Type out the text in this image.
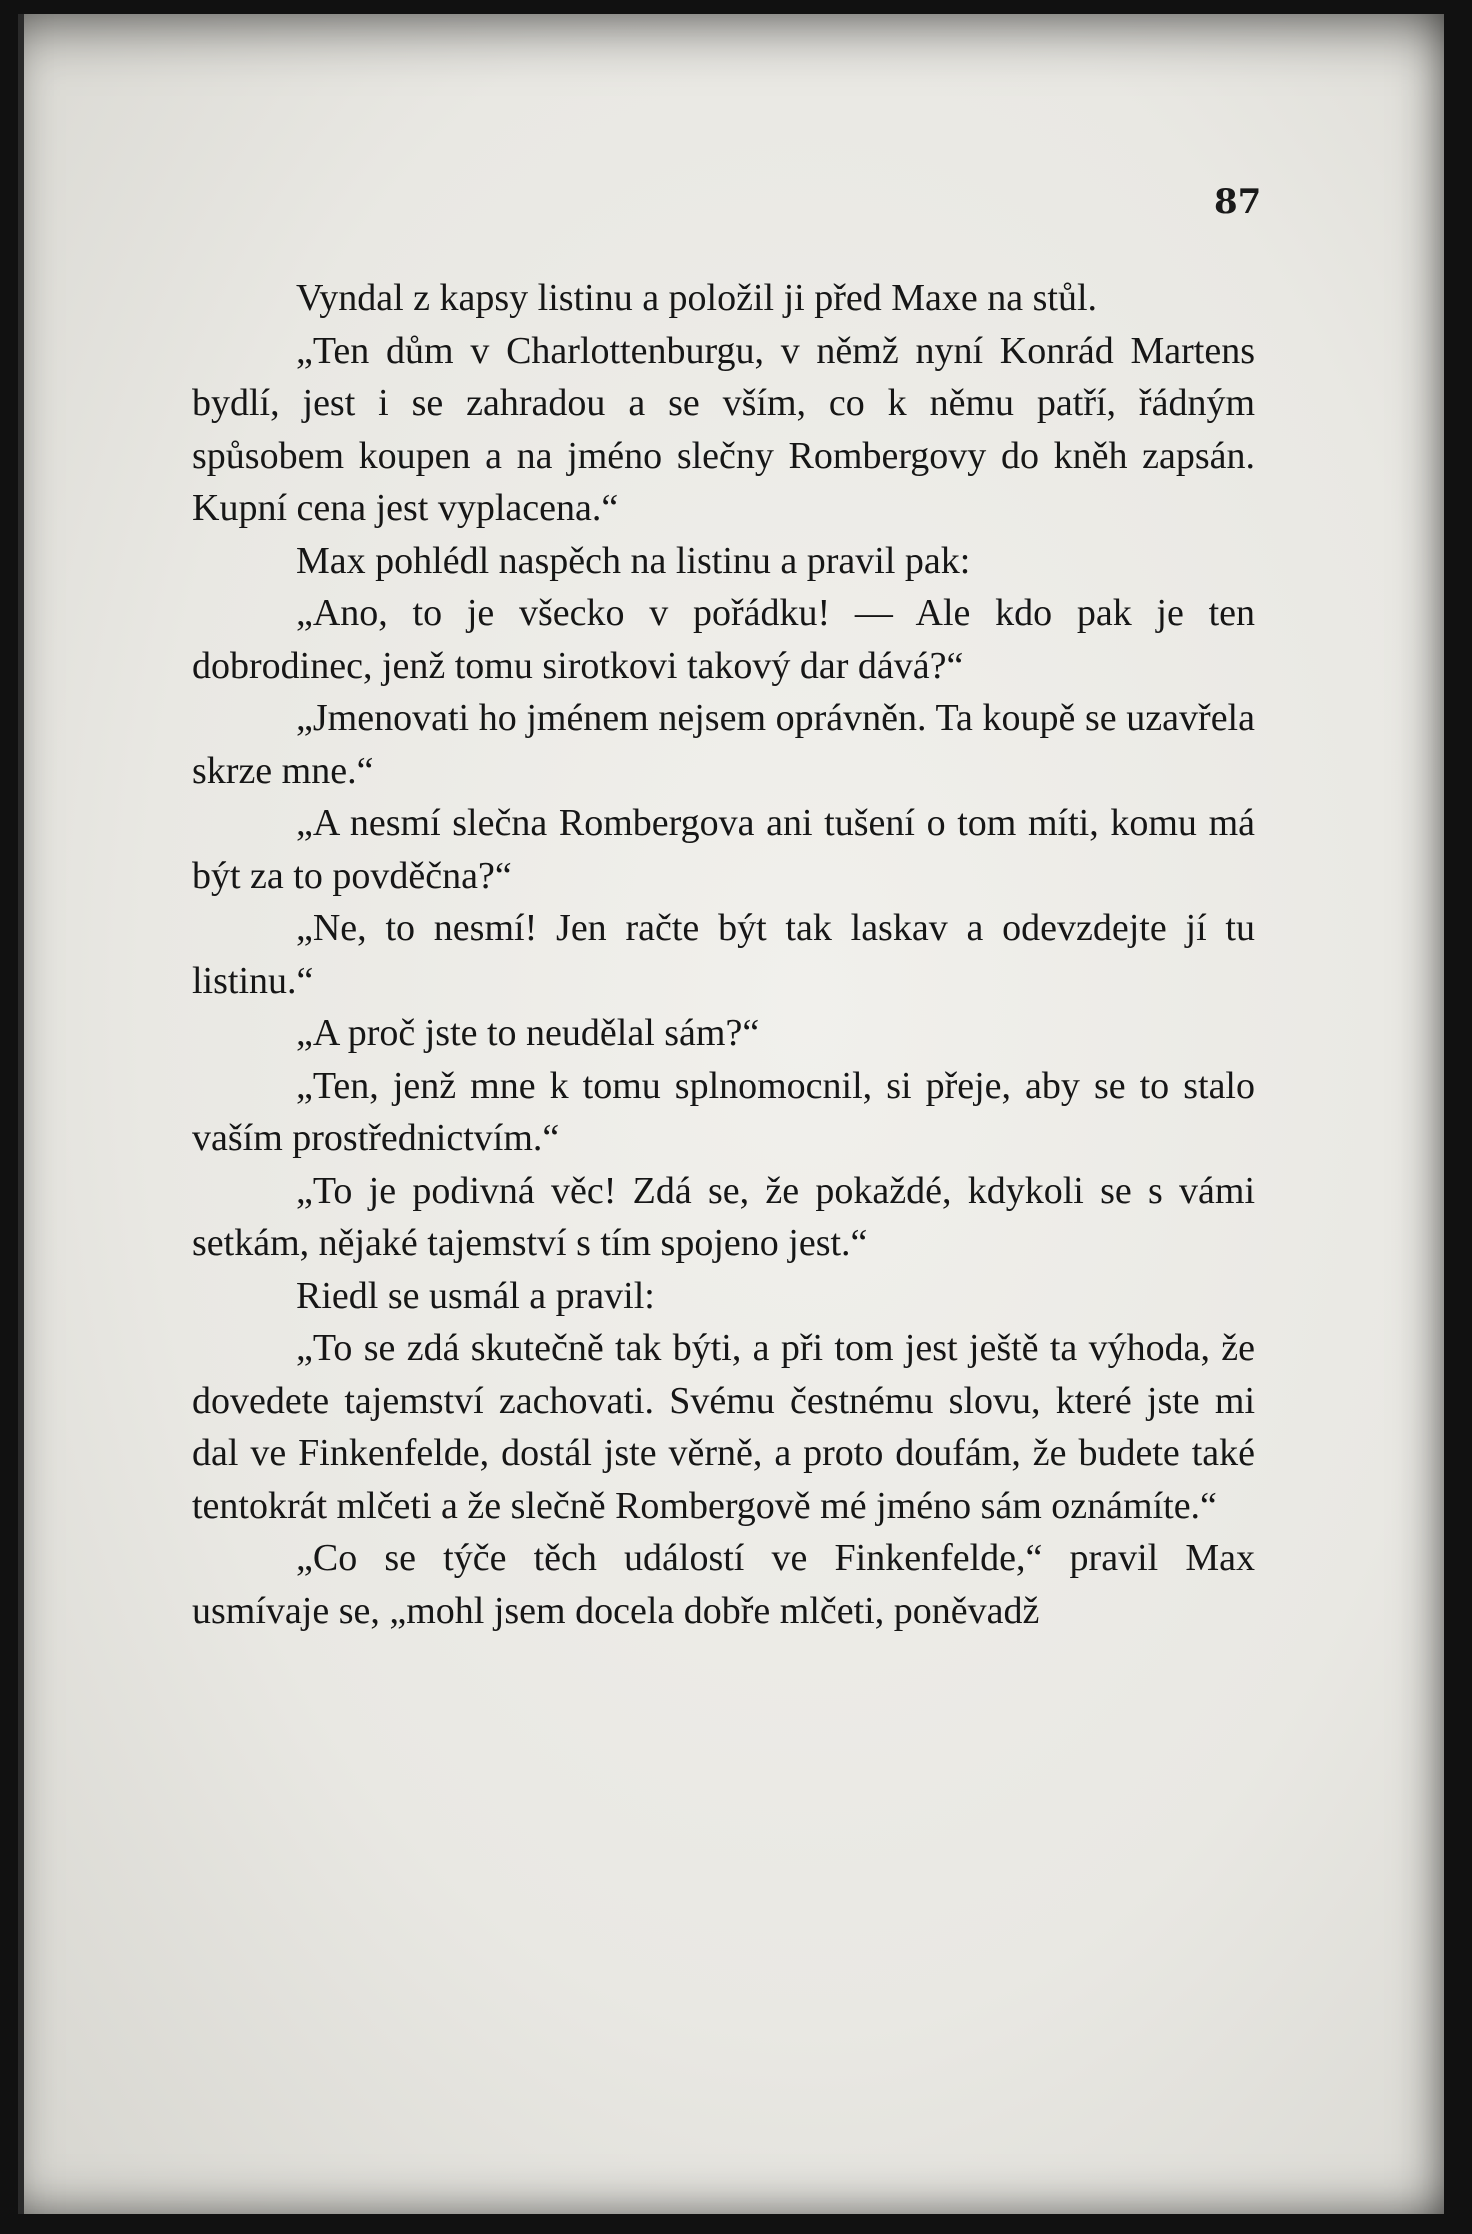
87

Vyndal z kapsy listinu a položil ji před Maxe na stůl.

„Ten dům v Charlottenburgu, v němž nyní Konrád Martens bydlí, jest i se zahradou a se vším, co k němu patří, řádným spůsobem koupen a na jméno slečny Rombergovy do kněh zapsán. Kupní cena jest vyplacena.“

Max pohlédl naspěch na listinu a pravil pak:

„Ano, to je všecko v pořádku! — Ale kdo pak je ten dobrodinec, jenž tomu sirotkovi takový dar dává?“

„Jmenovati ho jménem nejsem oprávněn. Ta koupě se uzavřela skrze mne.“

„A nesmí slečna Rombergova ani tušení o tom míti, komu má být za to povděčna?“

„Ne, to nesmí! Jen račte být tak laskav a odevzdejte jí tu listinu.“

„A proč jste to neudělal sám?“

„Ten, jenž mne k tomu splnomocnil, si přeje, aby se to stalo vaším prostřednictvím.“

„To je podivná věc! Zdá se, že pokaždé, kdykoli se s vámi setkám, nějaké tajemství s tím spojeno jest.“

Riedl se usmál a pravil:

„To se zdá skutečně tak býti, a při tom jest ještě ta výhoda, že dovedete tajemství zachovati. Svému čestnému slovu, které jste mi dal ve Finkenfelde, dostál jste věrně, a proto doufám, že budete také tentokrát mlčeti a že slečně Rombergově mé jméno sám oznámíte.“

„Co se týče těch událostí ve Finkenfelde,“ pravil Max usmívaje se, „mohl jsem docela dobře mlčeti, poněvadž
